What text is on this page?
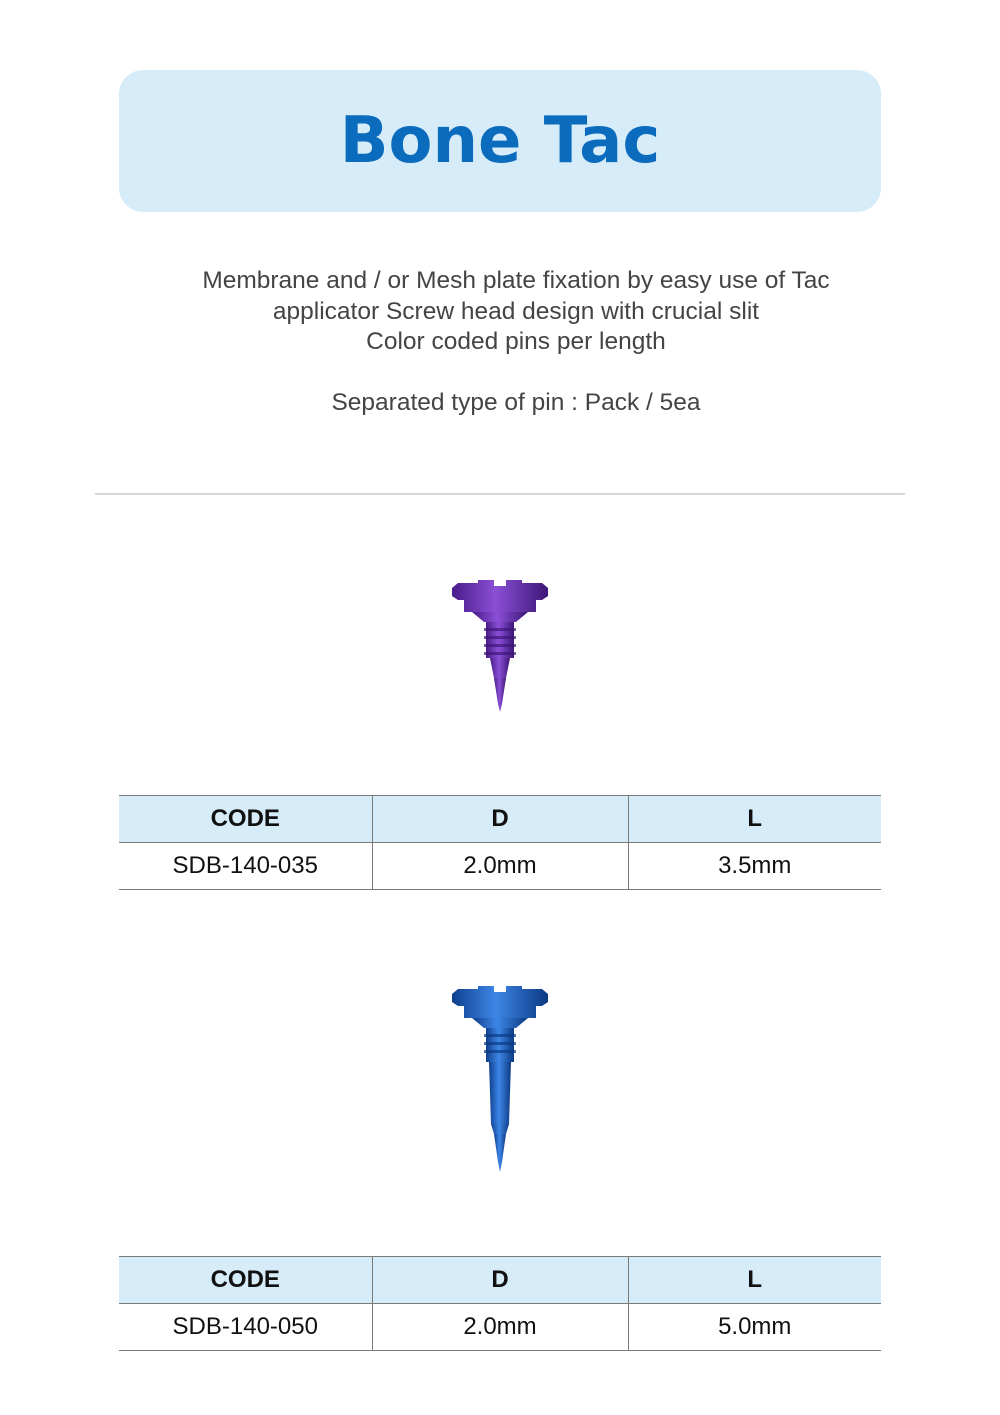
Bone Tac

Membrane and / or Mesh plate fixation by easy use of Tac

applicator Screw head design with crucial slit

Color coded pins per length

Separated type of pin : Pack / 5ea

CODE	D	L
SDB-140-035	2.0mm	3.5mm
CODE	D	L
SDB-140-050	2.0mm	5.0mm
